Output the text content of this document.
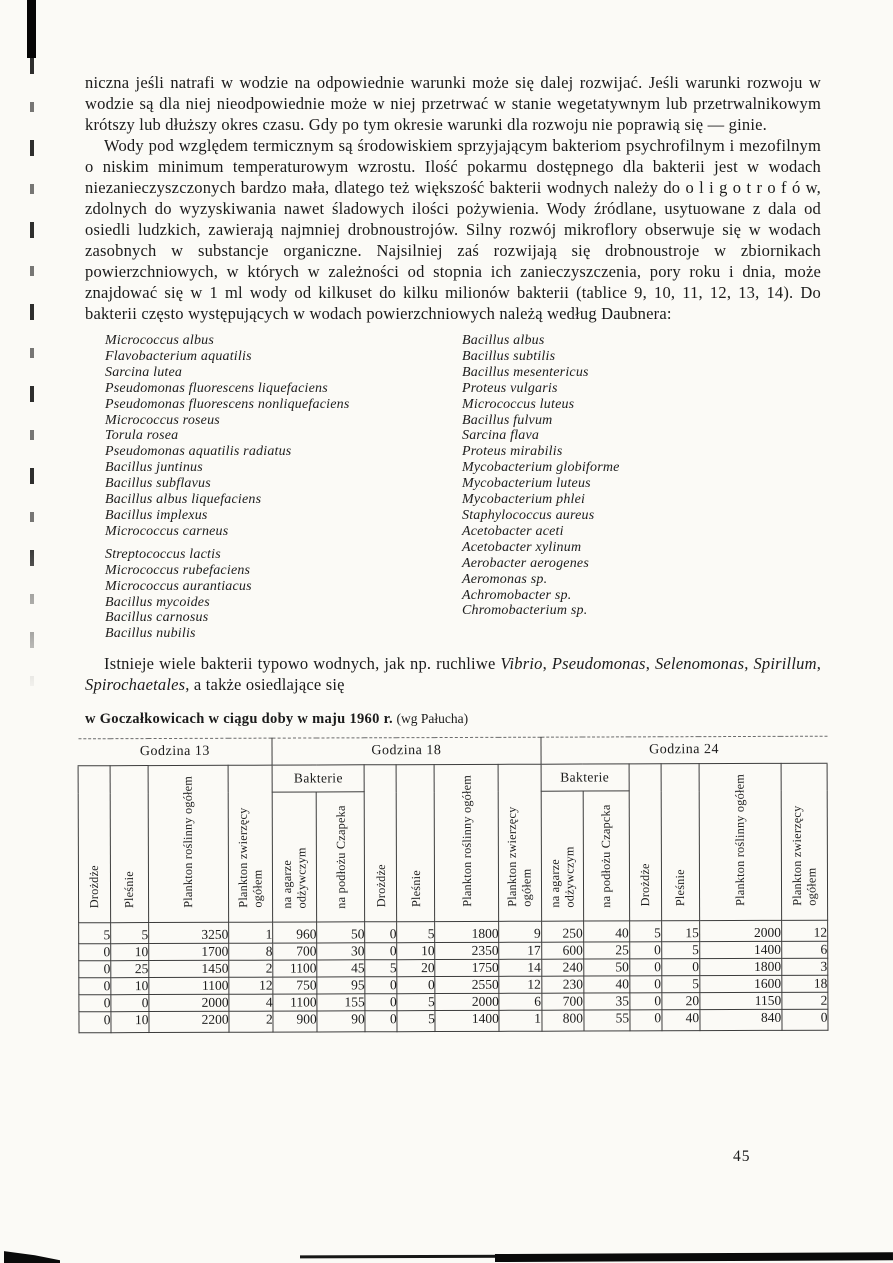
niczna jeśli natrafi w wodzie na odpowiednie warunki może się dalej rozwijać. Jeśli warunki rozwoju w wodzie są dla niej nieodpowiednie może w niej przetrwać w stanie wegetatywnym lub przetrwalnikowym krótszy lub dłuższy okres czasu. Gdy po tym okresie warunki dla rozwoju nie poprawią się — ginie.

Wody pod względem termicznym są środowiskiem sprzyjającym bakteriom psychrofilnym i mezofilnym o niskim minimum temperaturowym wzrostu. Ilość pokarmu dostępnego dla bakterii jest w wodach niezanieczyszczonych bardzo mała, dlatego też większość bakterii wodnych należy do o l i g o t r o f ó w, zdolnych do wyzyskiwania nawet śladowych ilości pożywienia. Wody źródlane, usytuowane z dala od osiedli ludzkich, zawierają najmniej drobnoustrojów. Silny rozwój mikroflory obserwuje się w wodach zasobnych w substancje organiczne. Najsilniej zaś rozwijają się drobnoustroje w zbiornikach powierzchniowych, w których w zależności od stopnia ich zanieczyszczenia, pory roku i dnia, może znajdować się w 1 ml wody od kilkuset do kilku milionów bakterii (tablice 9, 10, 11, 12, 13, 14). Do bakterii często występujących w wodach powierzchniowych należą według Daubnera:

Micrococcus albus
Flavobacterium aquatilis
Sarcina lutea
Pseudomonas fluorescens liquefaciens
Pseudomonas fluorescens nonliquefaciens
Micrococcus roseus
Torula rosea
Pseudomonas aquatilis radiatus
Bacillus juntinus
Bacillus subflavus
Bacillus albus liquefaciens
Bacillus implexus
Micrococcus carneus
Streptococcus lactis
Micrococcus rubefaciens
Micrococcus aurantiacus
Bacillus mycoides
Bacillus carnosus
Bacillus nubilis
Bacillus albus
Bacillus subtilis
Bacillus mesentericus
Proteus vulgaris
Micrococcus luteus
Bacillus fulvum
Sarcina flava
Proteus mirabilis
Mycobacterium globiforme
Mycobacterium luteus
Mycobacterium phlei
Staphylococcus aureus
Acetobacter aceti
Acetobacter xylinum
Aerobacter aerogenes
Aeromonas sp.
Achromobacter sp.
Chromobacterium sp.

Istnieje wiele bakterii typowo wodnych, jak np. ruchliwe Vibrio, Pseudomonas, Selenomonas, Spirillum, Spirochaetales, a także osiedlające się

w Goczałkowicach w ciągu doby w maju 1960 r. (wg Pałucha)

Godzina 13				Godzina 18						Godzina 24					
Drożdże	Pleśnie	Plankton roślinny ogółem	Plankton zwierzęcy ogółem	Bakterie		Drożdże	Pleśnie	Plankton roślinny ogółem	Plankton zwierzęcy ogółem	Bakterie		Drożdże	Pleśnie	Plankton roślinny ogółem	Plankton zwierzęcy ogółem
				na agarze odżywczym	na podłożu Czapeka					na agarze odżywczym	na podłożu Czapcka				
5	5	3250	1	960	50	0	5	1800	9	250	40	5	15	2000	12
0	10	1700	8	700	30	0	10	2350	17	600	25	0	5	1400	6
0	25	1450	2	1100	45	5	20	1750	14	240	50	0	0	1800	3
0	10	1100	12	750	95	0	0	2550	12	230	40	0	5	1600	18
0	0	2000	4	1100	155	0	5	2000	6	700	35	0	20	1150	2
0	10	2200	2	900	90	0	5	1400	1	800	55	0	40	840	0
45
